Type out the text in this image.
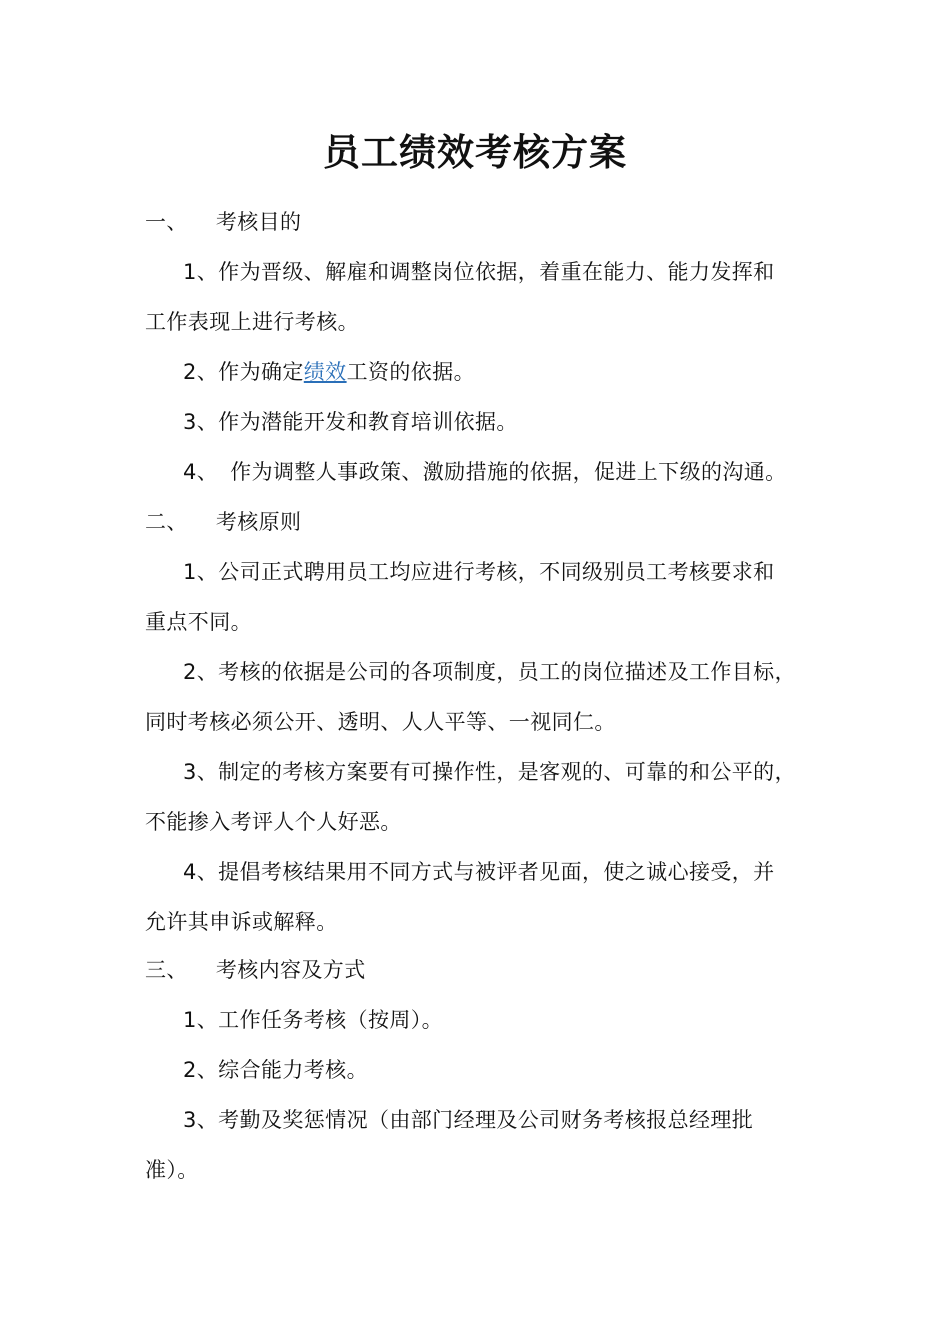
员工绩效考核方案
一、 考核目的
1、作为晋级、解雇和调整岗位依据，着重在能力、能力发挥和
工作表现上进行考核。
2、作为确定绩效工资的依据。
3、作为潜能开发和教育培训依据。
4、 作为调整人事政策、激励措施的依据，促进上下级的沟通。
二、 考核原则
1、公司正式聘用员工均应进行考核，不同级别员工考核要求和
重点不同。
2、考核的依据是公司的各项制度，员工的岗位描述及工作目标，
同时考核必须公开、透明、人人平等、一视同仁。
3、制定的考核方案要有可操作性，是客观的、可靠的和公平的，
不能掺入考评人个人好恶。
4、提倡考核结果用不同方式与被评者见面，使之诚心接受，并
允许其申诉或解释。
三、 考核内容及方式
1、工作任务考核（按周）。
2、综合能力考核。
3、考勤及奖惩情况（由部门经理及公司财务考核报总经理批
准）。
